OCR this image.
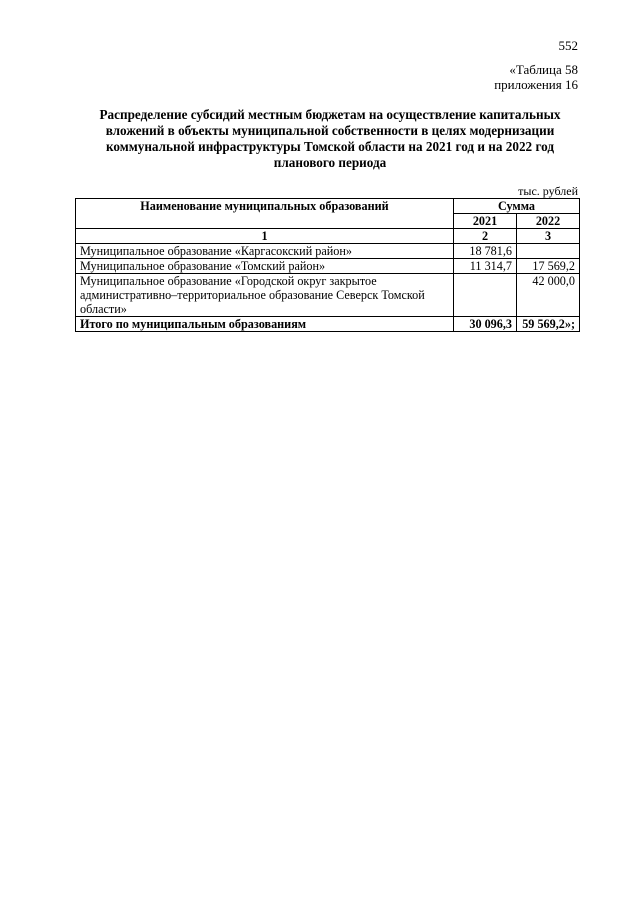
552
«Таблица 58
приложения 16
Распределение субсидий местным бюджетам на осуществление капитальных вложений в объекты муниципальной собственности в целях модернизации коммунальной инфраструктуры Томской области на 2021 год и на 2022 год планового периода
тыс. рублей
Наименование муниципальных образований	Сумма	
	2021	2022
1	2	3
Муниципальное образование «Каргасокский район»	18 781,6	
Муниципальное образование «Томский район»	11 314,7	17 569,2
Муниципальное образование «Городской округ закрытое административно–территориальное образование Северск Томской области»		42 000,0
Итого по муниципальным образованиям	30 096,3	59 569,2»;
